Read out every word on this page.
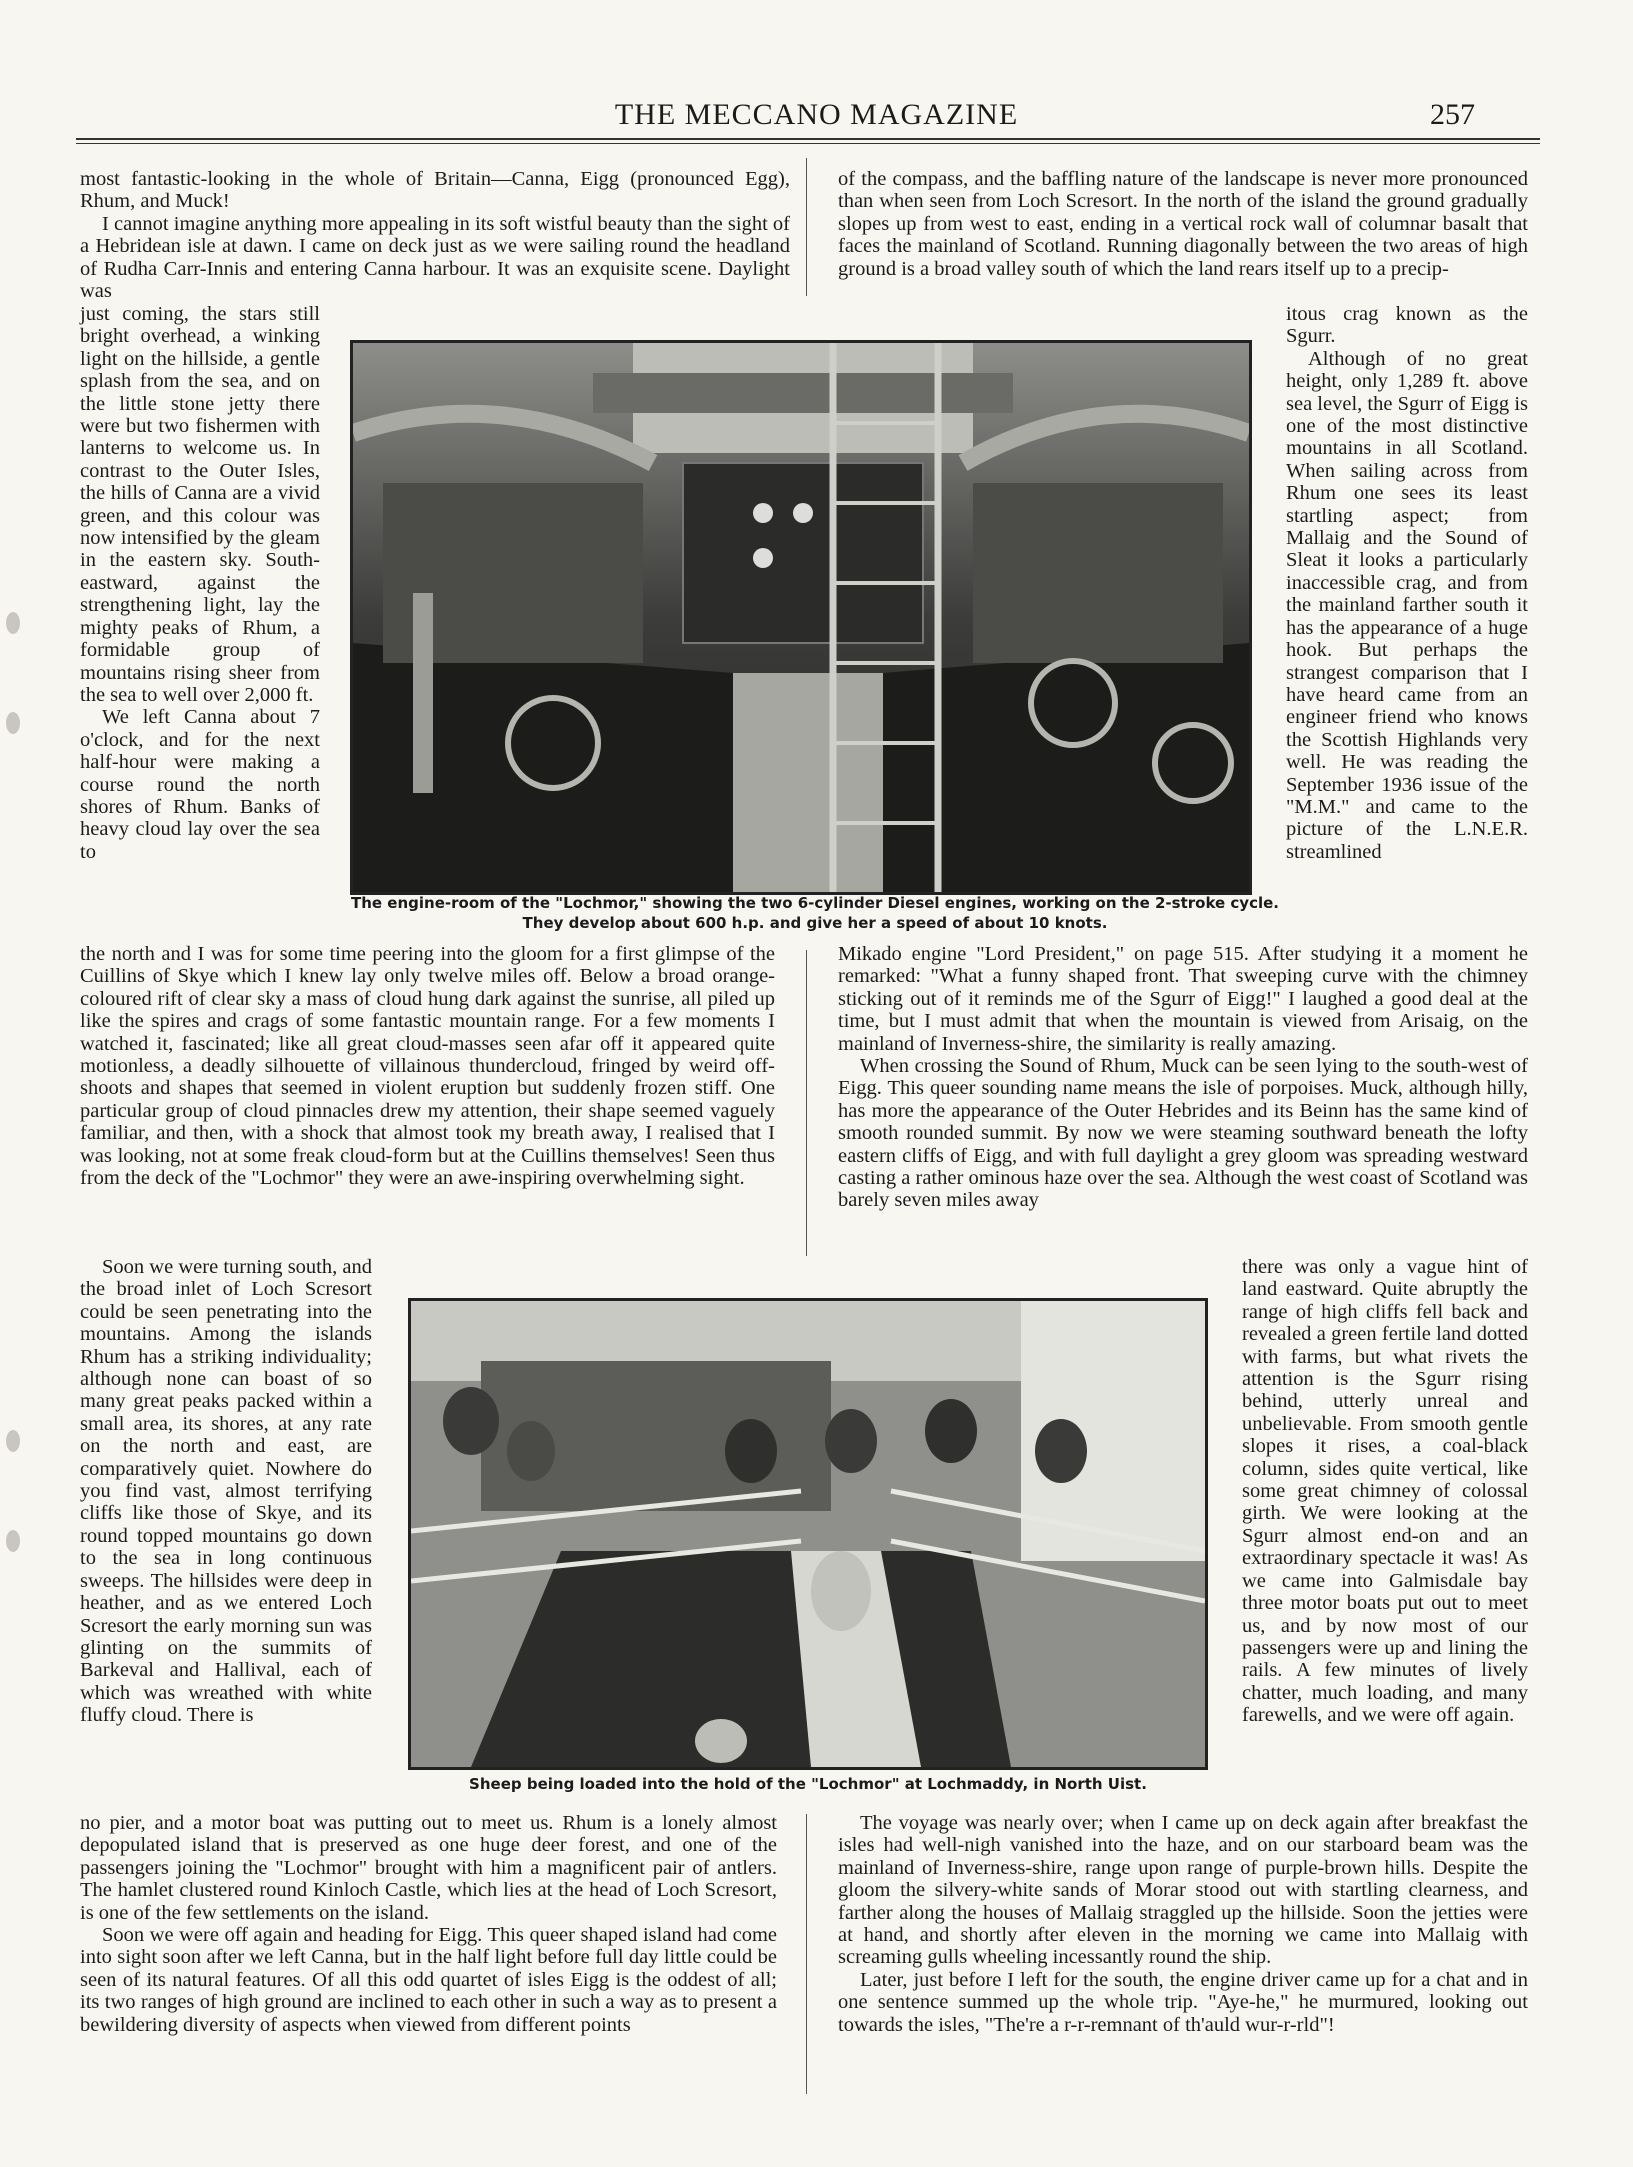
THE MECCANO MAGAZINE	257

most fantastic-looking in the whole of Britain—Canna, Eigg (pronounced Egg), Rhum, and Muck!

I cannot imagine anything more appealing in its soft wistful beauty than the sight of a Hebridean isle at dawn. I came on deck just as we were sailing round the headland of Rudha Carr-Innis and entering Canna harbour. It was an exquisite scene. Daylight was

just coming, the stars still bright overhead, a winking light on the hillside, a gentle splash from the sea, and on the little stone jetty there were but two fishermen with lanterns to welcome us. In contrast to the Outer Isles, the hills of Canna are a vivid green, and this colour was now intensified by the gleam in the eastern sky. South-eastward, against the strengthening light, lay the mighty peaks of Rhum, a formidable group of mountains rising sheer from the sea to well over 2,000 ft.

We left Canna about 7 o'clock, and for the next half-hour were making a course round the north shores of Rhum. Banks of heavy cloud lay over the sea to

the north and I was for some time peering into the gloom for a first glimpse of the Cuillins of Skye which I knew lay only twelve miles off. Below a broad orange-coloured rift of clear sky a mass of cloud hung dark against the sunrise, all piled up like the spires and crags of some fantastic mountain range. For a few moments I watched it, fascinated; like all great cloud-masses seen afar off it appeared quite motionless, a deadly silhouette of villainous thundercloud, fringed by weird off-shoots and shapes that seemed in violent eruption but suddenly frozen stiff. One particular group of cloud pinnacles drew my attention, their shape seemed vaguely familiar, and then, with a shock that almost took my breath away, I realised that I was looking, not at some freak cloud-form but at the Cuillins themselves! Seen thus from the deck of the "Lochmor" they were an awe-inspiring overwhelming sight.

Soon we were turning south, and the broad inlet of Loch Scresort could be seen penetrating into the mountains. Among the islands Rhum has a striking individuality; although none can boast of so many great peaks packed within a small area, its shores, at any rate on the north and east, are comparatively quiet. Nowhere do you find vast, almost terrifying cliffs like those of Skye, and its round topped mountains go down to the sea in long continuous sweeps. The hillsides were deep in heather, and as we entered Loch Scresort the early morning sun was glinting on the summits of Barkeval and Hallival, each of which was wreathed with white fluffy cloud. There is

no pier, and a motor boat was putting out to meet us. Rhum is a lonely almost depopulated island that is preserved as one huge deer forest, and one of the passengers joining the "Lochmor" brought with him a magnificent pair of antlers. The hamlet clustered round Kinloch Castle, which lies at the head of Loch Scresort, is one of the few settlements on the island.

Soon we were off again and heading for Eigg. This queer shaped island had come into sight soon after we left Canna, but in the half light before full day little could be seen of its natural features. Of all this odd quartet of isles Eigg is the oddest of all; its two ranges of high ground are inclined to each other in such a way as to present a bewildering diversity of aspects when viewed from different points

of the compass, and the baffling nature of the landscape is never more pronounced than when seen from Loch Scresort. In the north of the island the ground gradually slopes up from west to east, ending in a vertical rock wall of columnar basalt that faces the mainland of Scotland. Running diagonally between the two areas of high ground is a broad valley south of which the land rears itself up to a precip-

itous crag known as the Sgurr.

Although of no great height, only 1,289 ft. above sea level, the Sgurr of Eigg is one of the most distinctive mountains in all Scotland. When sailing across from Rhum one sees its least startling aspect; from Mallaig and the Sound of Sleat it looks a particularly inaccessible crag, and from the mainland farther south it has the appearance of a huge hook. But perhaps the strangest comparison that I have heard came from an engineer friend who knows the Scottish Highlands very well. He was reading the September 1936 issue of the "M.M." and came to the picture of the L.N.E.R. streamlined

Mikado engine "Lord President," on page 515. After studying it a moment he remarked: "What a funny shaped front. That sweeping curve with the chimney sticking out of it reminds me of the Sgurr of Eigg!" I laughed a good deal at the time, but I must admit that when the mountain is viewed from Arisaig, on the mainland of Inverness-shire, the similarity is really amazing.

When crossing the Sound of Rhum, Muck can be seen lying to the south-west of Eigg. This queer sounding name means the isle of porpoises. Muck, although hilly, has more the appearance of the Outer Hebrides and its Beinn has the same kind of smooth rounded summit. By now we were steaming southward beneath the lofty eastern cliffs of Eigg, and with full daylight a grey gloom was spreading westward casting a rather ominous haze over the sea. Although the west coast of Scotland was barely seven miles away

there was only a vague hint of land eastward. Quite abruptly the range of high cliffs fell back and revealed a green fertile land dotted with farms, but what rivets the attention is the Sgurr rising behind, utterly unreal and unbelievable. From smooth gentle slopes it rises, a coal-black column, sides quite vertical, like some great chimney of colossal girth. We were looking at the Sgurr almost end-on and an extraordinary spectacle it was! As we came into Galmisdale bay three motor boats put out to meet us, and by now most of our passengers were up and lining the rails. A few minutes of lively chatter, much loading, and many farewells, and we were off again.

The voyage was nearly over; when I came up on deck again after breakfast the isles had well-nigh vanished into the haze, and on our starboard beam was the mainland of Inverness-shire, range upon range of purple-brown hills. Despite the gloom the silvery-white sands of Morar stood out with startling clearness, and farther along the houses of Mallaig straggled up the hillside. Soon the jetties were at hand, and shortly after eleven in the morning we came into Mallaig with screaming gulls wheeling incessantly round the ship.

Later, just before I left for the south, the engine driver came up for a chat and in one sentence summed up the whole trip. "Aye-he," he murmured, looking out towards the isles, "The're a r-r-remnant of th'auld wur-r-rld"!

The engine-room of the "Lochmor," showing the two 6-cylinder Diesel engines, working on the 2-stroke cycle.
They develop about 600 h.p. and give her a speed of about 10 knots.
Sheep being loaded into the hold of the "Lochmor" at Lochmaddy, in North Uist.
